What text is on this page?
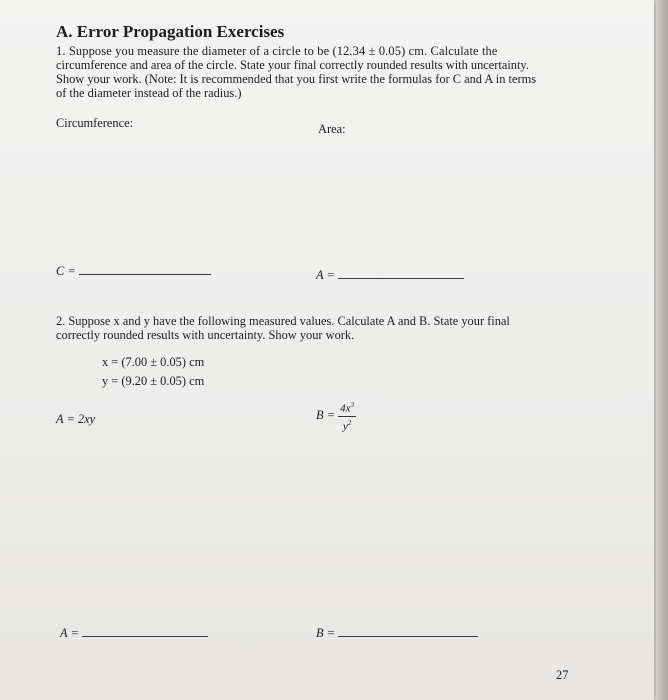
A. Error Propagation Exercises
1. Suppose you measure the diameter of a circle to be (12.34 ± 0.05) cm. Calculate the
circumference and area of the circle. State your final correctly rounded results with uncertainty.
Show your work. (Note: It is recommended that you first write the formulas for C and A in terms
of the diameter instead of the radius.)
Circumference:	Area:
C =	A =
2. Suppose x and y have the following measured values. Calculate A and B. State your final
correctly rounded results with uncertainty. Show your work.
x = (7.00 ± 0.05) cm
y = (9.20 ± 0.05) cm
A = 2xy	$B = \frac{4x^3}{y^2}$
A =	B =
27
